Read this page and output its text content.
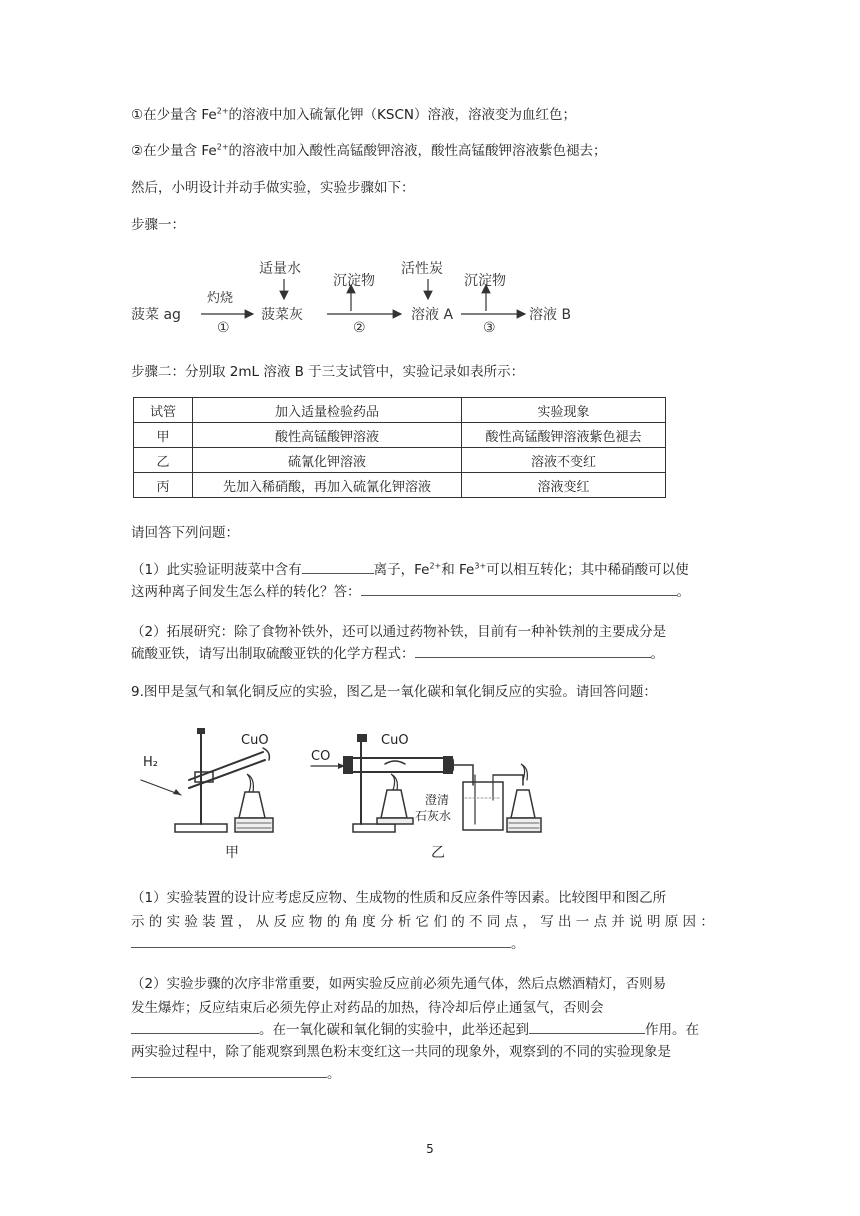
①在少量含 $Fe^{2+}$的溶液中加入硫氰化钾（KSCN）溶液，溶液变为血红色；
②在少量含 $Fe^{2+}$的溶液中加入酸性高锰酸钾溶液，酸性高锰酸钾溶液紫色褪去；
然后，小明设计并动手做实验，实验步骤如下：
步骤一：
菠菜 ag
灼烧
①
菠菜灰
适量水
沉淀物
②
溶液 A
活性炭
沉淀物
③
溶液 B
步骤二：分别取 2mL 溶液 B 于三支试管中，实验记录如表所示：
试管	加入适量检验药品	实验现象
甲	酸性高锰酸钾溶液	酸性高锰酸钾溶液紫色褪去
乙	硫氰化钾溶液	溶液不变红
丙	先加入稀硝酸，再加入硫氰化钾溶液	溶液变红
请回答下列问题：
（1）此实验证明菠菜中含有	离子，$Fe^{2+}$和 $Fe^{3+}$可以相互转化；其中稀硝酸可以使
这两种离子间发生怎么样的转化？答：	。
（2）拓展研究：除了食物补铁外，还可以通过药物补铁，目前有一种补铁剂的主要成分是
硫酸亚铁，请写出制取硫酸亚铁的化学方程式：	。
9.图甲是氢气和氧化铜反应的实验，图乙是一氧化碳和氧化铜反应的实验。请回答问题：
H₂
CuO
甲
CO
CuO
澄清
石灰水
乙
（1）实验装置的设计应考虑反应物、生成物的性质和反应条件等因素。比较图甲和图乙所
示 的 实 验 装 置 ， 从 反 应 物 的 角 度 分 析 它 们 的 不 同 点 ， 写 出 一 点 并 说 明 原 因 ：
。
（2）实验步骤的次序非常重要，如两实验反应前必须先通气体，然后点燃酒精灯，否则易
发生爆炸；反应结束后必须先停止对药品的加热，待冷却后停止通氢气，否则会
。在一氧化碳和氧化铜的实验中，此举还起到	作用。在
两实验过程中，除了能观察到黑色粉末变红这一共同的现象外，观察到的不同的实验现象是
。
5
